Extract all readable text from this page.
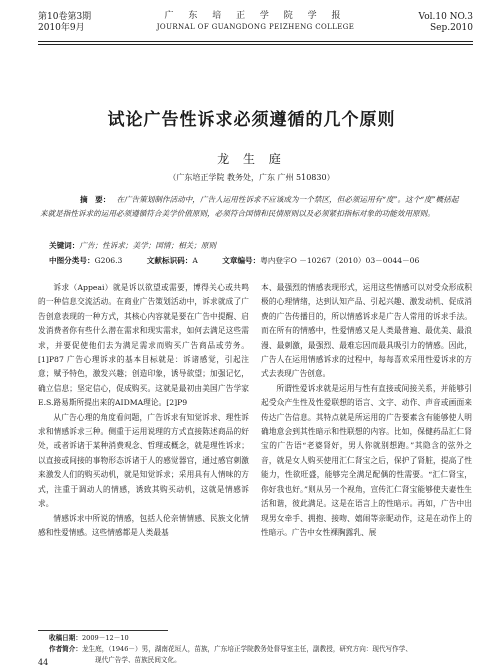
第10卷第3期
2010年9月
广 东 培 正 学 院 学 报
JOURNAL OF GUANGDONG PEIZHENG COLLEGE
Vol.10 NO.3
Sep.2010
试论广告性诉求必须遵循的几个原则
龙 生 庭
（广东培正学院 教务处，广东 广州 510830）
摘　要： 在广告策划制作活动中，广告人运用性诉求不应该成为一个禁区，但必须运用有“度”。这个“度”概括起来就是指性诉求的运用必须遵循符合美学价值原则，必须符合国情和民情原则以及必须紧扣指标对象的功能效用原则。
关键词：广告；性诉求；美学；国情；相关；原则
中图分类号：G206.3	文献标识码：A	文章编号：粤内登字O －10267（2010）03－0044－06

诉求（Appeai）就是诉以欲望或需要，博得关心或共鸣的一种信息交流活动。在商业广告策划活动中，诉求就成了广告创意表现的一种方式，其核心内容就是要在广告中提醒、启发消费者你有些什么潜在需求和现实需求，如何去满足这些需求，并要促使他们去为满足需求而购买广告商品或劳务。[1]P87 广告心理诉求的基本目标就是：诉诸感觉，引起注意；赋予特色，激发兴趣；创造印象，诱导欲望；加强记忆，确立信息；坚定信心，促成购买。这就是最初由美国广告学家E.S.路易斯所提出来的AIDMA理论。[2]P9

从广告心理的角度看问题，广告诉求有知觉诉求、理性诉求和情感诉求三种。侧重于运用说理的方式直接陈述商品的好处，或者诉诸于某种消费观念、哲理或概念，就是理性诉求；以直接或间接的事物形态诉诸于人的感觉器官，通过感官刺激来激发人们的购买动机，就是知觉诉求；采用具有人情味的方式，注重于调动人的情感，诱致其购买动机，这就是情感诉求。

情感诉求中所说的情感，包括人伦亲情情感、民族文化情感和性爱情感。这些情感都是人类最基

本、最强烈的情感表现形式，运用这些情感可以对受众形成积极的心理情绪，达到认知产品、引起兴趣、激发动机、促成消费的广告传播目的，所以情感诉求是广告人常用的诉求手法。而在所有的情感中，性爱情感又是人类最普遍、最优美、最浪漫、最刺激，最强烈、最难忘因而最具吸引力的情感。因此，广告人在运用情感诉求的过程中，每每喜欢采用性爱诉求的方式去表现广告创意。

所谓性爱诉求就是运用与性有直接或间接关系，并能够引起受众产生性及性爱联想的语言、文字、动作、声音或画面来传达广告信息。其特点就是所运用的广告要素含有能够使人明确地意会到其性暗示和性联想的内容。比如，保健药品汇仁肾宝的广告语“老婆肾好，男人你就别想跑。”其隐含的弦外之音，就是女人购买使用汇仁肾宝之后，保护了肾脏，提高了性能力，性欲旺盛，能够完全满足配偶的性需要。“汇仁肾宝，你好我也好。”则从另一个视角，宣传汇仁肾宝能够使夫妻性生活和谐，彼此满足。这是在语言上的性暗示。再如，广告中出现男女牵手、拥抱、接吻、嬉闹等亲昵动作，这是在动作上的性暗示。广告中女性裸胸露乳、展

收稿日期：2009－12－10
作者简介：龙生庭，（1946－）男，湖南花垣人，苗族，广东培正学院教务处督导室主任，副教授，研究方向：现代写作学、
现代广告学、苗族民间文化。
44
